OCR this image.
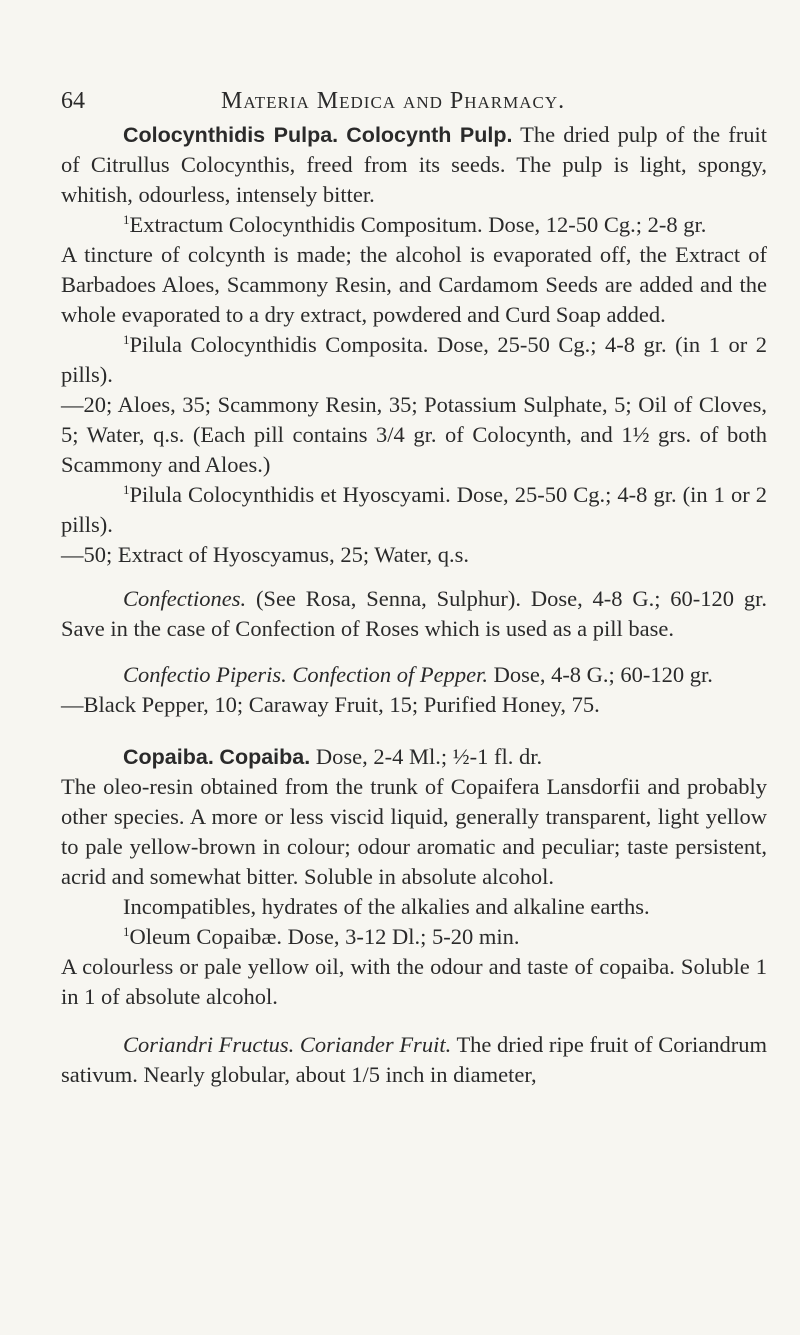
64	Materia Medica and Pharmacy.

Colocynthidis Pulpa. Colocynth Pulp. The dried pulp of the fruit of Citrullus Colocynthis, freed from its seeds. The pulp is light, spongy, whitish, odourless, intensely bitter.

$^1$Extractum Colocynthidis Compositum. Dose, 12-50 Cg.; 2-8 gr.

A tincture of colcynth is made; the alcohol is evaporated off, the Extract of Barbadoes Aloes, Scammony Resin, and Cardamom Seeds are added and the whole evaporated to a dry extract, powdered and Curd Soap added.

$^1$Pilula Colocynthidis Composita. Dose, 25-50 Cg.; 4-8 gr. (in 1 or 2 pills).

—20; Aloes, 35; Scammony Resin, 35; Potassium Sulphate, 5; Oil of Cloves, 5; Water, q.s. (Each pill contains 3/4 gr. of Colocynth, and 1½ grs. of both Scammony and Aloes.)

$^1$Pilula Colocynthidis et Hyoscyami. Dose, 25-50 Cg.; 4-8 gr. (in 1 or 2 pills).

—50; Extract of Hyoscyamus, 25; Water, q.s.

Confectiones. (See Rosa, Senna, Sulphur). Dose, 4-8 G.; 60-120 gr. Save in the case of Confection of Roses which is used as a pill base.

Confectio Piperis. Confection of Pepper. Dose, 4-8 G.; 60-120 gr.

—Black Pepper, 10; Caraway Fruit, 15; Purified Honey, 75.

Copaiba. Copaiba. Dose, 2-4 Ml.; ½-1 fl. dr.

The oleo-resin obtained from the trunk of Copaifera Lansdorfii and probably other species. A more or less viscid liquid, generally transparent, light yellow to pale yellow-brown in colour; odour aromatic and peculiar; taste persistent, acrid and somewhat bitter. Soluble in absolute alcohol.

Incompatibles, hydrates of the alkalies and alkaline earths.

$^1$Oleum Copaibæ. Dose, 3-12 Dl.; 5-20 min.

A colourless or pale yellow oil, with the odour and taste of copaiba. Soluble 1 in 1 of absolute alcohol.

Coriandri Fructus. Coriander Fruit. The dried ripe fruit of Coriandrum sativum. Nearly globular, about 1/5 inch in diameter,
